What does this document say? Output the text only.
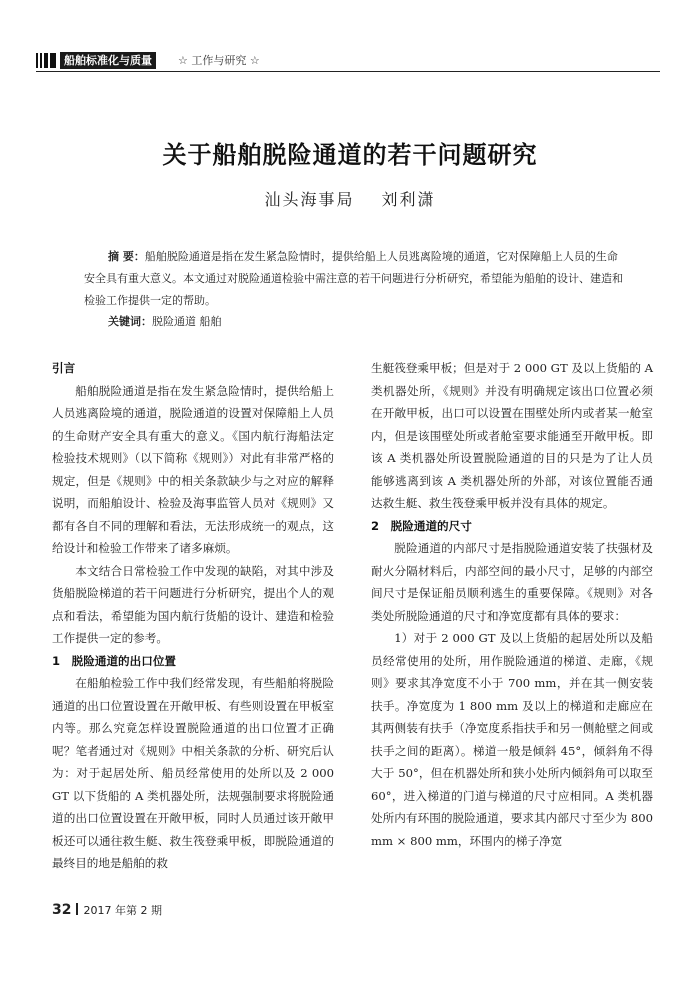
船舶标准化与质量	☆ 工作与研究 ☆
关于船舶脱险通道的若干问题研究
汕头海事局 刘利潇
摘 要：船舶脱险通道是指在发生紧急险情时，提供给船上人员逃离险境的通道，它对保障船上人员的生命安全具有重大意义。本文通过对脱险通道检验中需注意的若干问题进行分析研究，希望能为船舶的设计、建造和检验工作提供一定的帮助。
关键词：脱险通道 船舶
引言

船舶脱险通道是指在发生紧急险情时，提供给船上人员逃离险境的通道，脱险通道的设置对保障船上人员的生命财产安全具有重大的意义。《国内航行海船法定检验技术规则》（以下简称《规则》）对此有非常严格的规定，但是《规则》中的相关条款缺少与之对应的解释说明，而船舶设计、检验及海事监管人员对《规则》又都有各自不同的理解和看法，无法形成统一的观点，这给设计和检验工作带来了诸多麻烦。

本文结合日常检验工作中发现的缺陷，对其中涉及货船脱险梯道的若干问题进行分析研究，提出个人的观点和看法，希望能为国内航行货船的设计、建造和检验工作提供一定的参考。

1　脱险通道的出口位置

在船舶检验工作中我们经常发现，有些船舶将脱险通道的出口位置设置在开敞甲板、有些则设置在甲板室内等。那么究竟怎样设置脱险通道的出口位置才正确呢？笔者通过对《规则》中相关条款的分析、研究后认为：对于起居处所、船员经常使用的处所以及 2 000 GT 以下货船的 A 类机器处所，法规强制要求将脱险通道的出口位置设置在开敞甲板，同时人员通过该开敞甲板还可以通往救生艇、救生筏登乘甲板，即脱险通道的最终目的地是船舶的救

生艇筏登乘甲板；但是对于 2 000 GT 及以上货船的 A 类机器处所，《规则》并没有明确规定该出口位置必须在开敞甲板，出口可以设置在围壁处所内或者某一舱室内，但是该围壁处所或者舱室要求能通至开敞甲板。即该 A 类机器处所设置脱险通道的目的只是为了让人员能够逃离到该 A 类机器处所的外部，对该位置能否通达救生艇、救生筏登乘甲板并没有具体的规定。

2　脱险通道的尺寸

脱险通道的内部尺寸是指脱险通道安装了扶强材及耐火分隔材料后，内部空间的最小尺寸，足够的内部空间尺寸是保证船员顺利逃生的重要保障。《规则》对各类处所脱险通道的尺寸和净宽度都有具体的要求：

1）对于 2 000 GT 及以上货船的起居处所以及船员经常使用的处所，用作脱险通道的梯道、走廊，《规则》要求其净宽度不小于 700 mm，并在其一侧安装扶手。净宽度为 1 800 mm 及以上的梯道和走廊应在其两侧装有扶手（净宽度系指扶手和另一侧舱壁之间或扶手之间的距离）。梯道一般是倾斜 45°，倾斜角不得大于 50°，但在机器处所和狭小处所内倾斜角可以取至 60°，进入梯道的门道与梯道的尺寸应相同。A 类机器处所内有环围的脱险通道，要求其内部尺寸至少为 800 mm × 800 mm，环围内的梯子净宽

32 2017 年第 2 期
